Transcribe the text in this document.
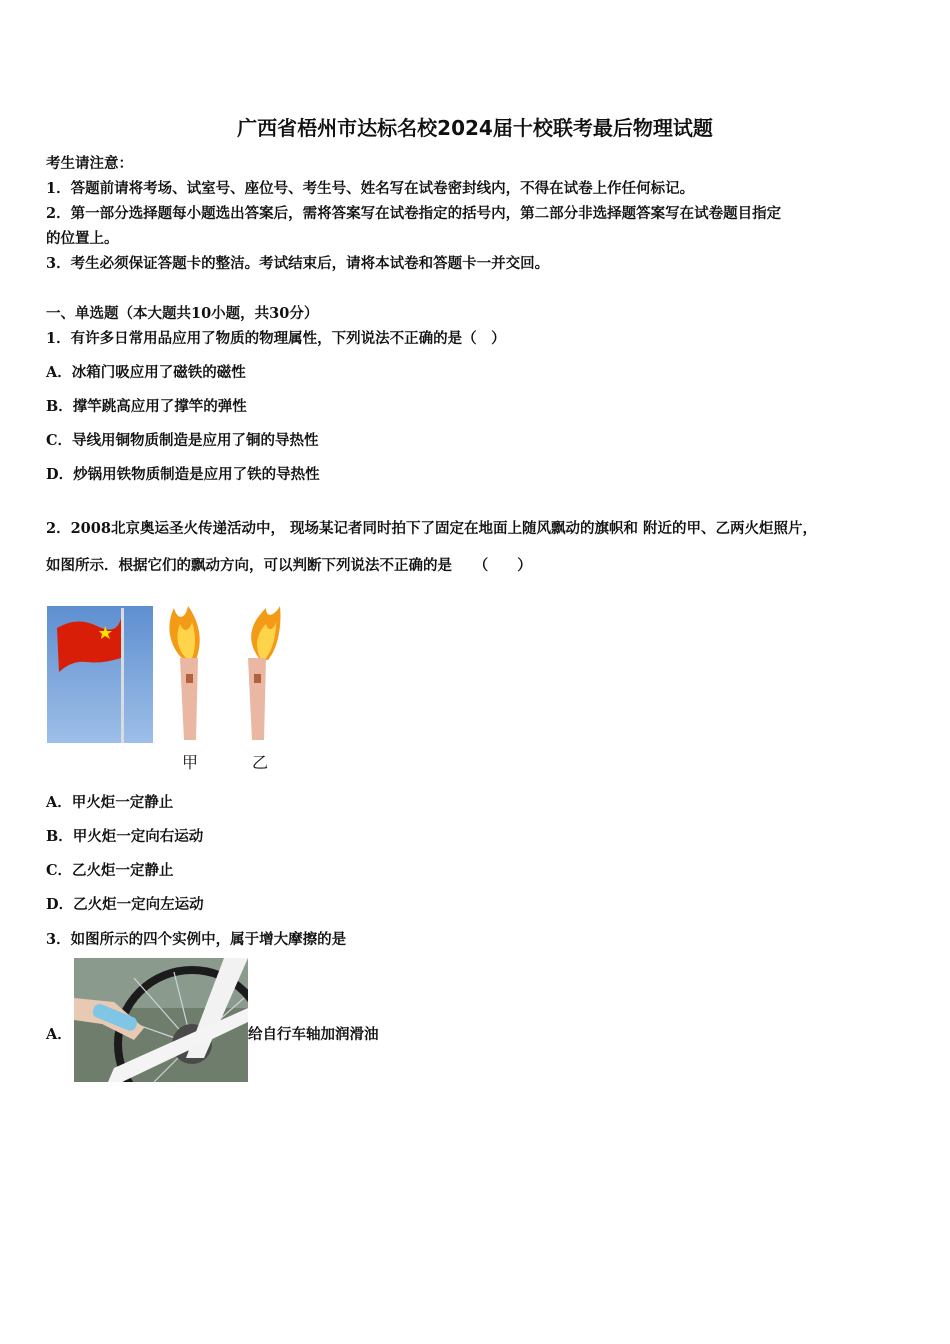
广西省梧州市达标名校2024届十校联考最后物理试题
考生请注意：
1．答题前请将考场、试室号、座位号、考生号、姓名写在试卷密封线内，不得在试卷上作任何标记。
2．第一部分选择题每小题选出答案后，需将答案写在试卷指定的括号内，第二部分非选择题答案写在试卷题目指定
的位置上。
3．考生必须保证答题卡的整洁。考试结束后，请将本试卷和答题卡一并交回。
一、单选题（本大题共10小题，共30分）
1．有许多日常用品应用了物质的物理属性，下列说法不正确的是（　）
A．冰箱门吸应用了磁铁的磁性
B．撑竿跳高应用了撑竿的弹性
C．导线用铜物质制造是应用了铜的导热性
D．炒锅用铁物质制造是应用了铁的导热性
2．2008北京奥运圣火传递活动中， 现场某记者同时拍下了固定在地面上随风飘动的旗帜和 附近的甲、乙两火炬照片，
如图所示．根据它们的飘动方向，可以判断下列说法不正确的是　　（　　）
甲	乙
A．甲火炬一定静止
B．甲火炬一定向右运动
C．乙火炬一定静止
D．乙火炬一定向左运动
3．如图所示的四个实例中，属于增大摩擦的是
A．	给自行车轴加润滑油
